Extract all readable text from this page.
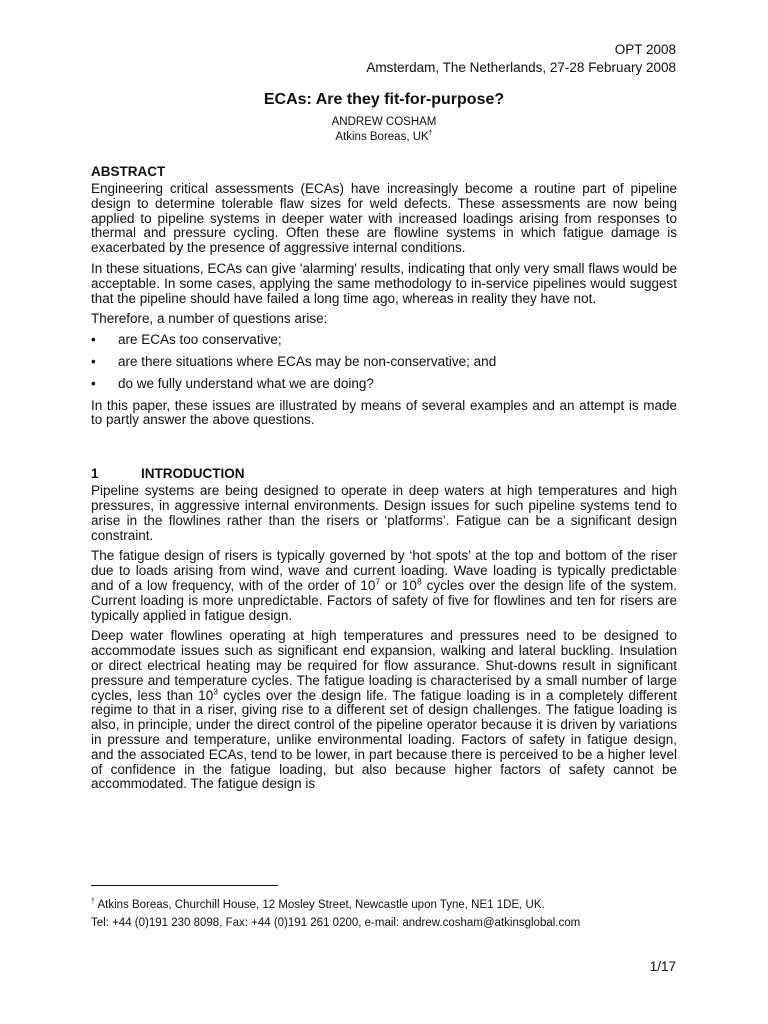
OPT 2008
Amsterdam, The Netherlands, 27-28 February 2008
ECAs: Are they fit-for-purpose?
ANDREW COSHAM
Atkins Boreas, UK†
ABSTRACT

Engineering critical assessments (ECAs) have increasingly become a routine part of pipeline design to determine tolerable flaw sizes for weld defects. These assessments are now being applied to pipeline systems in deeper water with increased loadings arising from responses to thermal and pressure cycling. Often these are flowline systems in which fatigue damage is exacerbated by the presence of aggressive internal conditions.

In these situations, ECAs can give 'alarming' results, indicating that only very small flaws would be acceptable. In some cases, applying the same methodology to in-service pipelines would suggest that the pipeline should have failed a long time ago, whereas in reality they have not.

Therefore, a number of questions arise:

• are ECAs too conservative;
• are there situations where ECAs may be non-conservative; and
• do we fully understand what we are doing?

In this paper, these issues are illustrated by means of several examples and an attempt is made to partly answer the above questions.

1	INTRODUCTION

Pipeline systems are being designed to operate in deep waters at high temperatures and high pressures, in aggressive internal environments. Design issues for such pipeline systems tend to arise in the flowlines rather than the risers or ‘platforms’. Fatigue can be a significant design constraint.

The fatigue design of risers is typically governed by ‘hot spots’ at the top and bottom of the riser due to loads arising from wind, wave and current loading. Wave loading is typically predictable and of a low frequency, with of the order of $10^7$ or $10^8$ cycles over the design life of the system. Current loading is more unpredictable. Factors of safety of five for flowlines and ten for risers are typically applied in fatigue design.

Deep water flowlines operating at high temperatures and pressures need to be designed to accommodate issues such as significant end expansion, walking and lateral buckling. Insulation or direct electrical heating may be required for flow assurance. Shut-downs result in significant pressure and temperature cycles. The fatigue loading is characterised by a small number of large cycles, less than $10^3$ cycles over the design life. The fatigue loading is in a completely different regime to that in a riser, giving rise to a different set of design challenges. The fatigue loading is also, in principle, under the direct control of the pipeline operator because it is driven by variations in pressure and temperature, unlike environmental loading. Factors of safety in fatigue design, and the associated ECAs, tend to be lower, in part because there is perceived to be a higher level of confidence in the fatigue loading, but also because higher factors of safety cannot be accommodated. The fatigue design is

† Atkins Boreas, Churchill House, 12 Mosley Street, Newcastle upon Tyne, NE1 1DE, UK.
Tel: +44 (0)191 230 8098, Fax: +44 (0)191 261 0200, e-mail: andrew.cosham@atkinsglobal.com
1/17
